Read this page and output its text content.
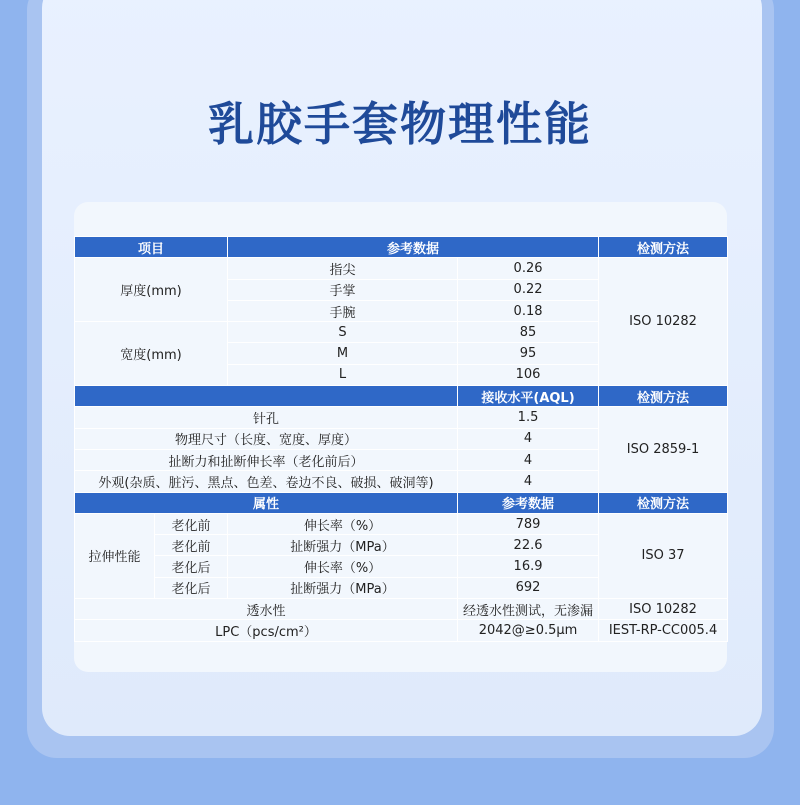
乳胶手套物理性能
项目		参考数据		检测方法
厚度(mm)		指尖	0.26	ISO 10282
		手掌	0.22	
		手腕	0.18	
宽度(mm)		S	85	
		M	95	
		L	106	
			接收水平(AQL)	检测方法
针孔			1.5	ISO 2859-1
物理尺寸（长度、宽度、厚度）			4	
扯断力和扯断伸长率（老化前后）			4	
外观(杂质、脏污、黑点、色差、卷边不良、破损、破洞等)			4	
属性			参考数据	检测方法
拉伸性能	老化前	伸长率（%）	789	ISO 37
	老化前	扯断强力（MPa）	22.6	
	老化后	伸长率（%）	16.9	
	老化后	扯断强力（MPa）	692	
透水性			经透水性测试，无渗漏	ISO 10282
LPC（pcs/cm²）			2042@≥0.5μm	IEST-RP-CC005.4
